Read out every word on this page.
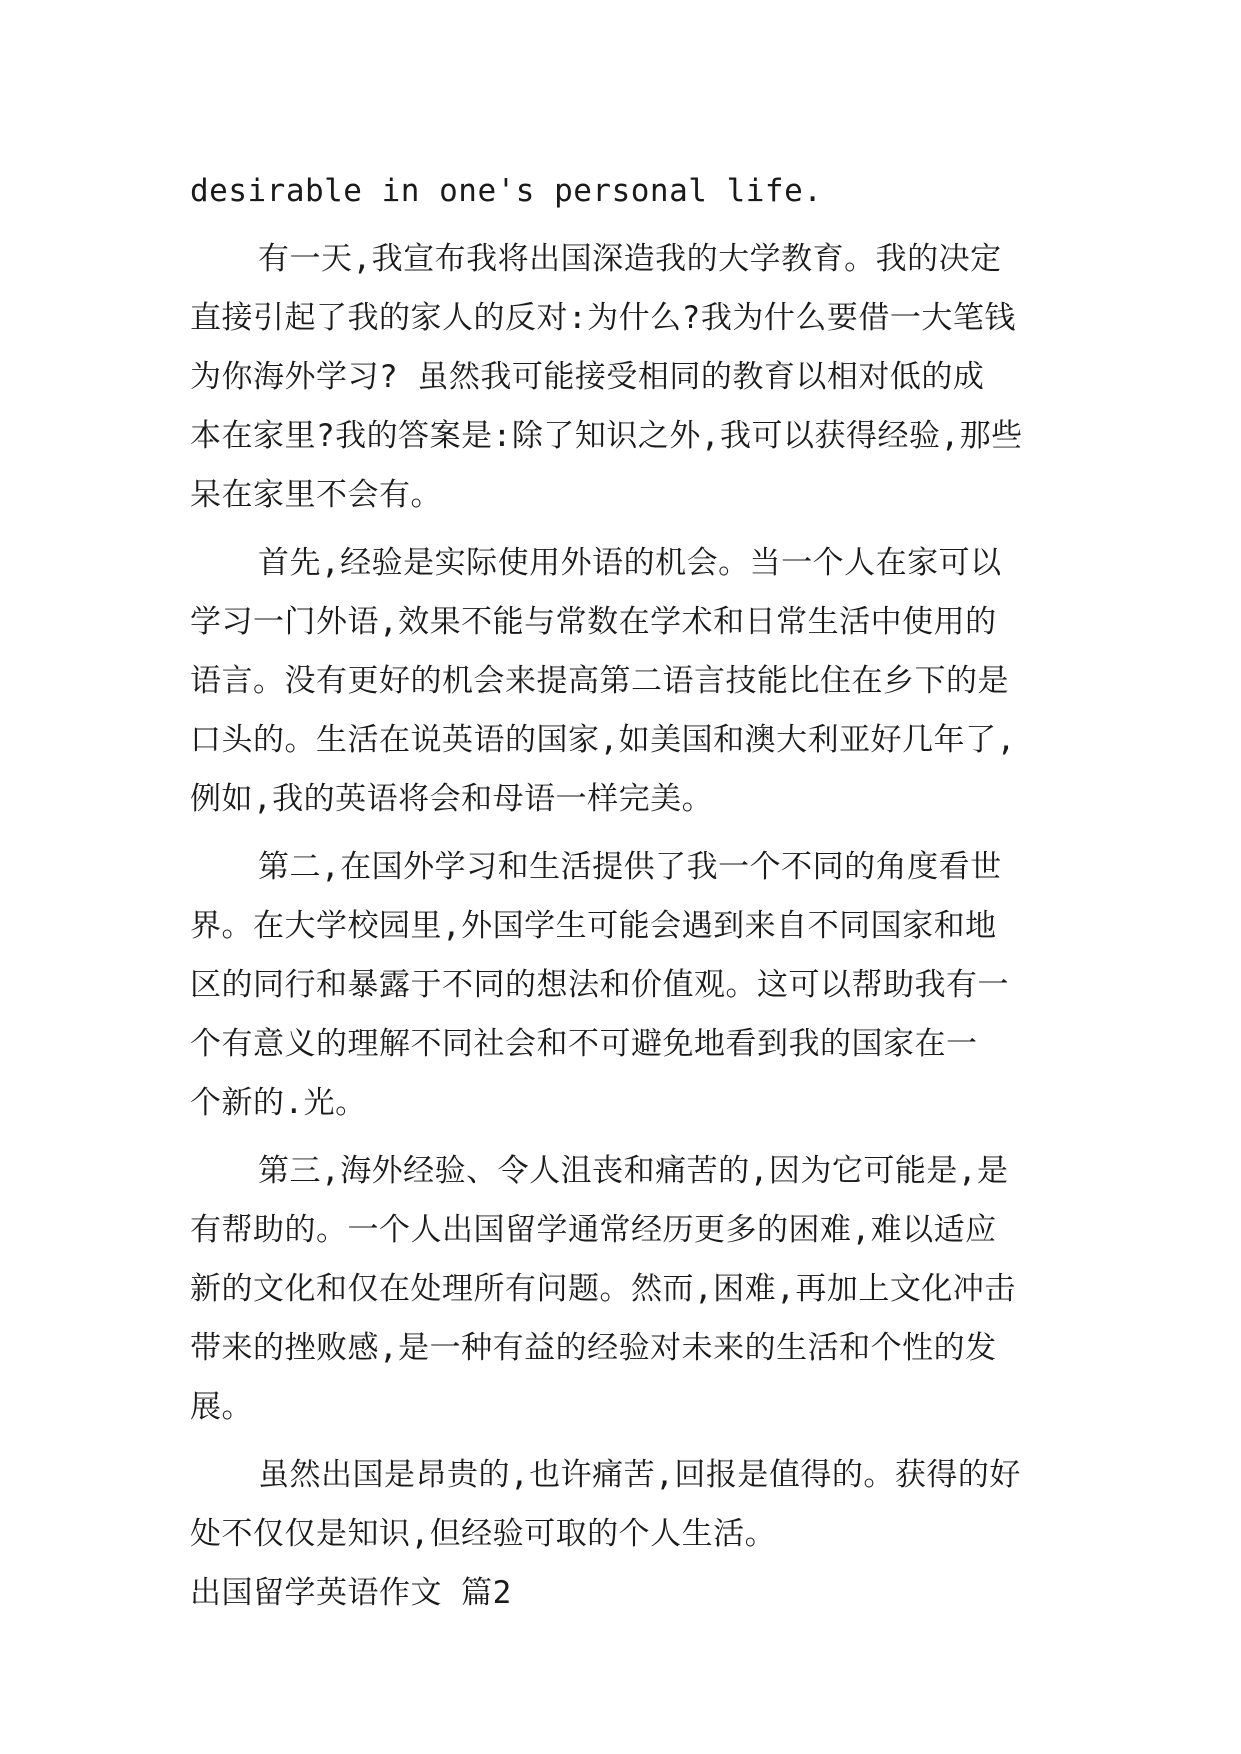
desirable in one's personal life.
有一天,我宣布我将出国深造我的大学教育。我的决定
直接引起了我的家人的反对:为什么?我为什么要借一大笔钱
为你海外学习? 虽然我可能接受相同的教育以相对低的成
本在家里?我的答案是:除了知识之外,我可以获得经验,那些
呆在家里不会有。
首先,经验是实际使用外语的机会。当一个人在家可以
学习一门外语,效果不能与常数在学术和日常生活中使用的
语言。没有更好的机会来提高第二语言技能比住在乡下的是
口头的。生活在说英语的国家,如美国和澳大利亚好几年了,
例如,我的英语将会和母语一样完美。
第二,在国外学习和生活提供了我一个不同的角度看世
界。在大学校园里,外国学生可能会遇到来自不同国家和地
区的同行和暴露于不同的想法和价值观。这可以帮助我有一
个有意义的理解不同社会和不可避免地看到我的国家在一
个新的.光。
第三,海外经验、令人沮丧和痛苦的,因为它可能是,是
有帮助的。一个人出国留学通常经历更多的困难,难以适应
新的文化和仅在处理所有问题。然而,困难,再加上文化冲击
带来的挫败感,是一种有益的经验对未来的生活和个性的发
展。
虽然出国是昂贵的,也许痛苦,回报是值得的。获得的好
处不仅仅是知识,但经验可取的个人生活。
出国留学英语作文 篇2
